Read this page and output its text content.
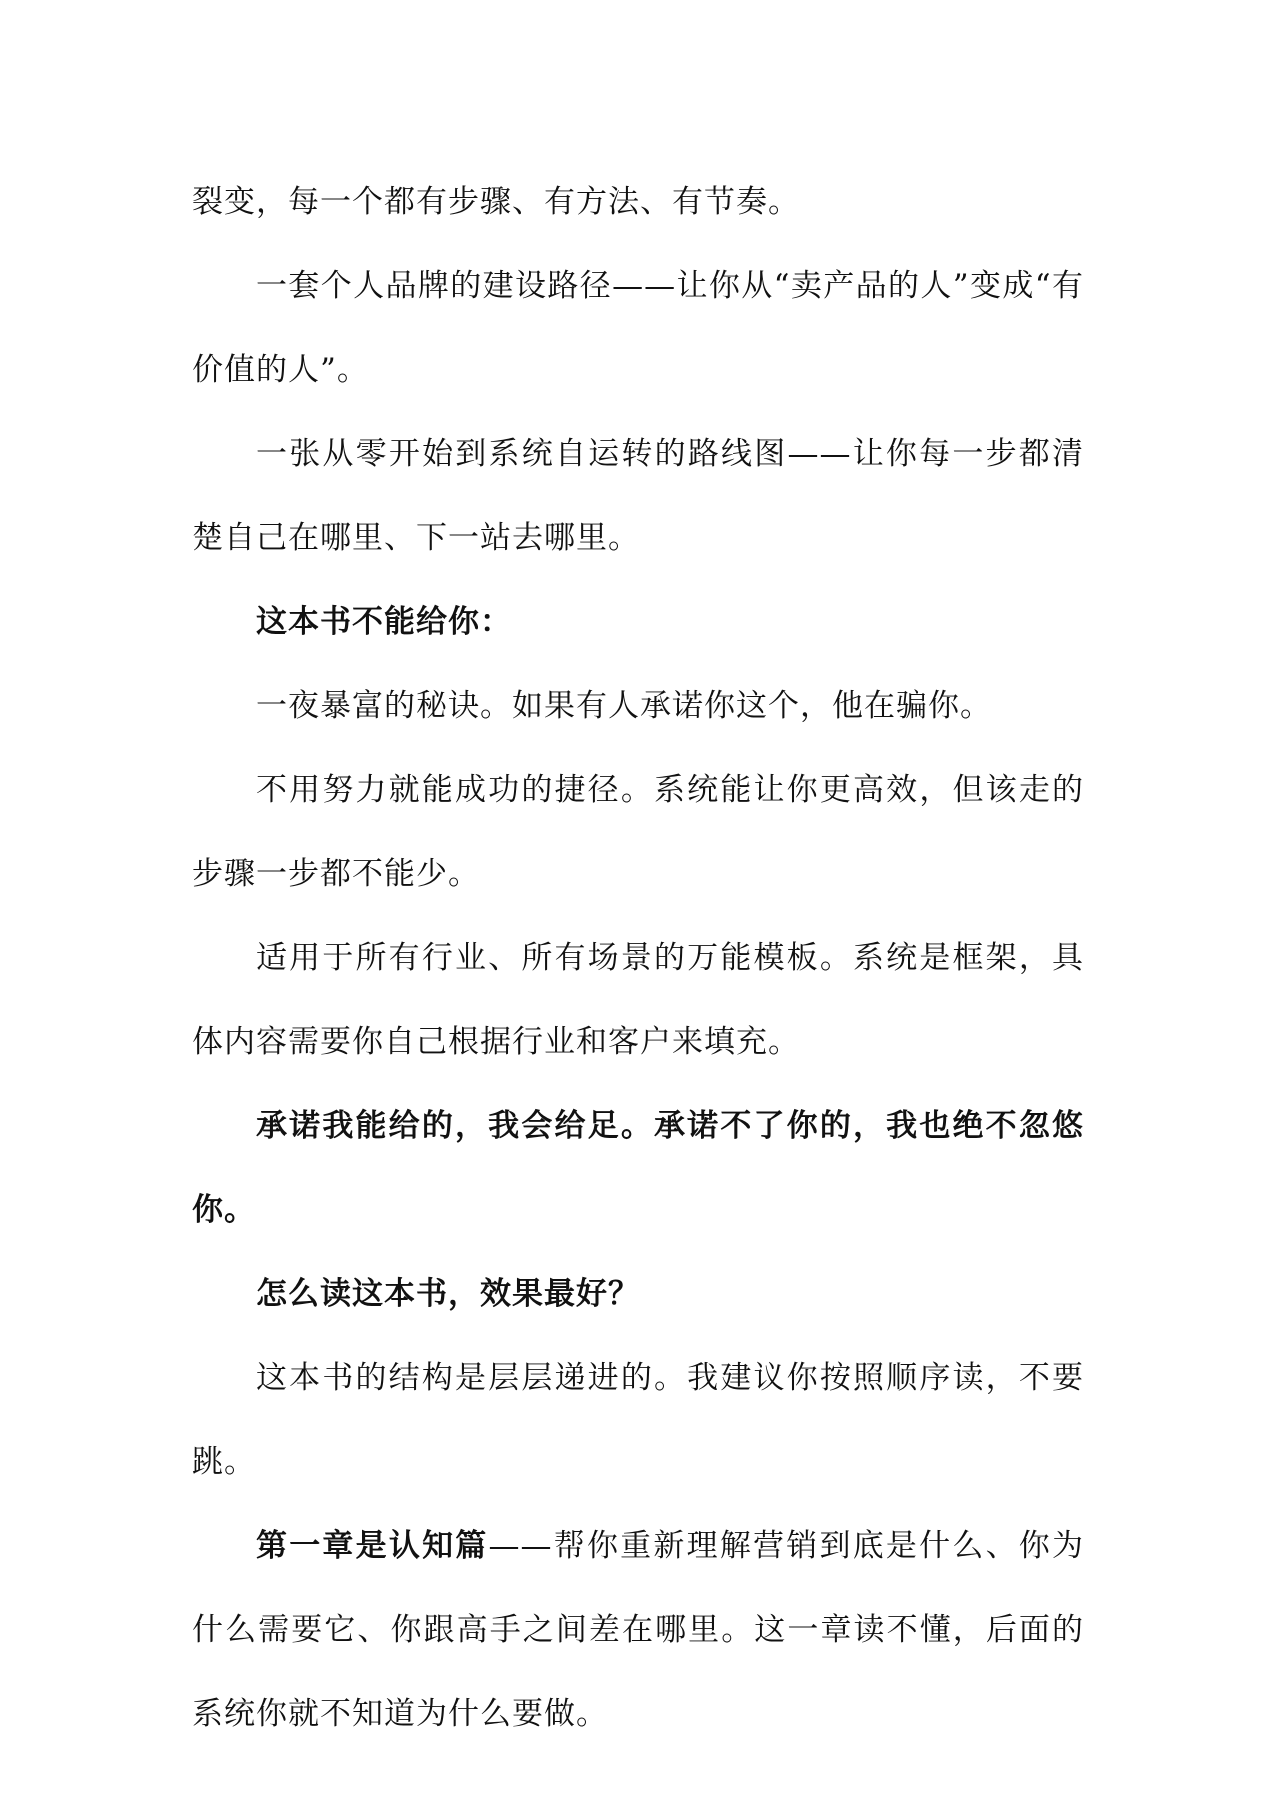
裂变，每一个都有步骤、有方法、有节奏。

一套个人品牌的建设路径——让你从“卖产品的人”变成“有价值的人”。

一张从零开始到系统自运转的路线图——让你每一步都清楚自己在哪里、下一站去哪里。

这本书不能给你：

一夜暴富的秘诀。如果有人承诺你这个，他在骗你。

不用努力就能成功的捷径。系统能让你更高效，但该走的步骤一步都不能少。

适用于所有行业、所有场景的万能模板。系统是框架，具体内容需要你自己根据行业和客户来填充。

承诺我能给的，我会给足。承诺不了你的，我也绝不忽悠你。

怎么读这本书，效果最好？

这本书的结构是层层递进的。我建议你按照顺序读，不要跳。

第一章是认知篇——帮你重新理解营销到底是什么、你为什么需要它、你跟高手之间差在哪里。这一章读不懂，后面的系统你就不知道为什么要做。
